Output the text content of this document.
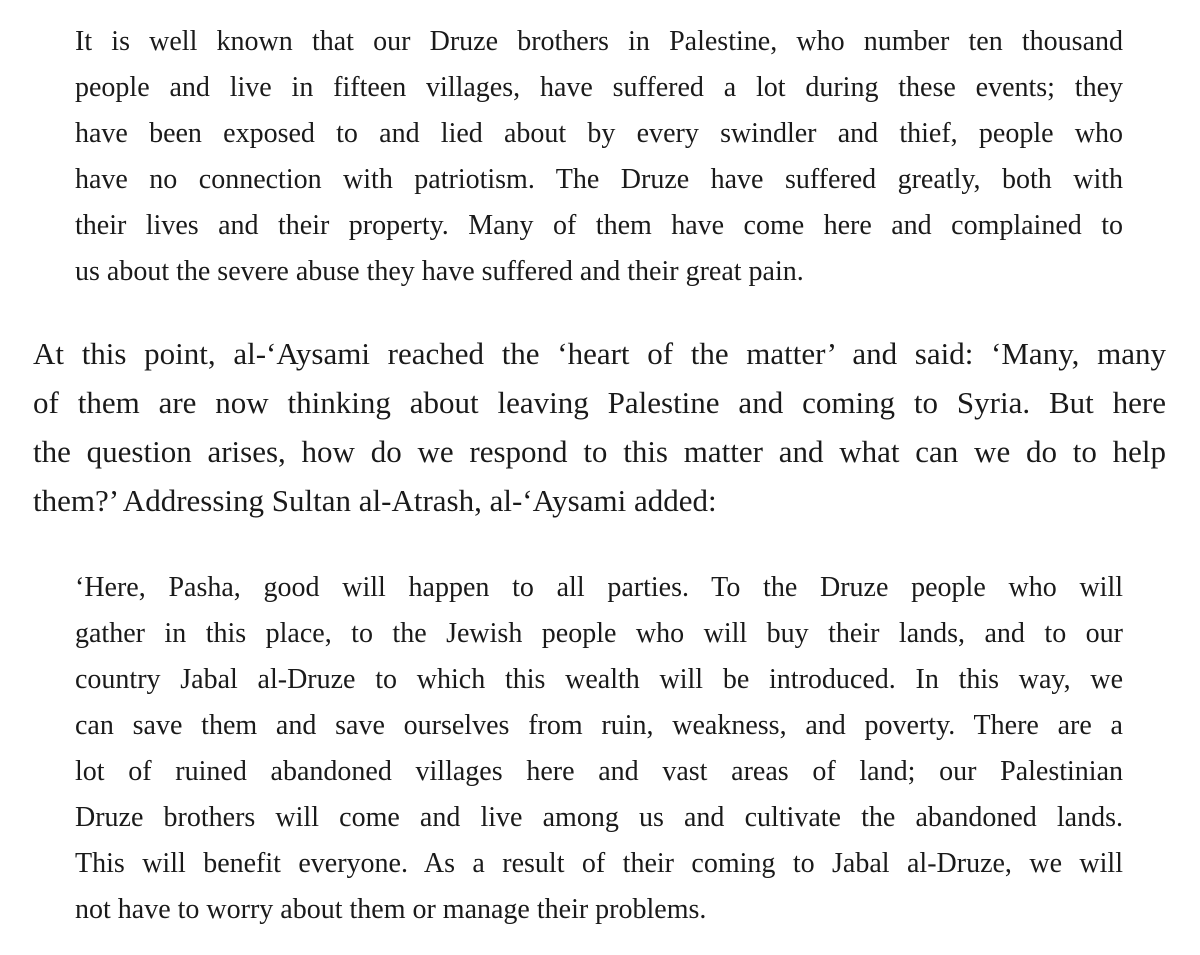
It is well known that our Druze brothers in Palestine, who number ten thousand
people and live in fifteen villages, have suffered a lot during these events; they
have been exposed to and lied about by every swindler and thief, people who
have no connection with patriotism. The Druze have suffered greatly, both with
their lives and their property. Many of them have come here and complained to
us about the severe abuse they have suffered and their great pain.
At this point, al-‘Aysami reached the ‘heart of the matter’ and said: ‘Many, many
of them are now thinking about leaving Palestine and coming to Syria. But here
the question arises, how do we respond to this matter and what can we do to help
them?’ Addressing Sultan al-Atrash, al-‘Aysami added:
‘Here, Pasha, good will happen to all parties. To the Druze people who will
gather in this place, to the Jewish people who will buy their lands, and to our
country Jabal al-Druze to which this wealth will be introduced. In this way, we
can save them and save ourselves from ruin, weakness, and poverty. There are a
lot of ruined abandoned villages here and vast areas of land; our Palestinian
Druze brothers will come and live among us and cultivate the abandoned lands.
This will benefit everyone. As a result of their coming to Jabal al-Druze, we will
not have to worry about them or manage their problems.
